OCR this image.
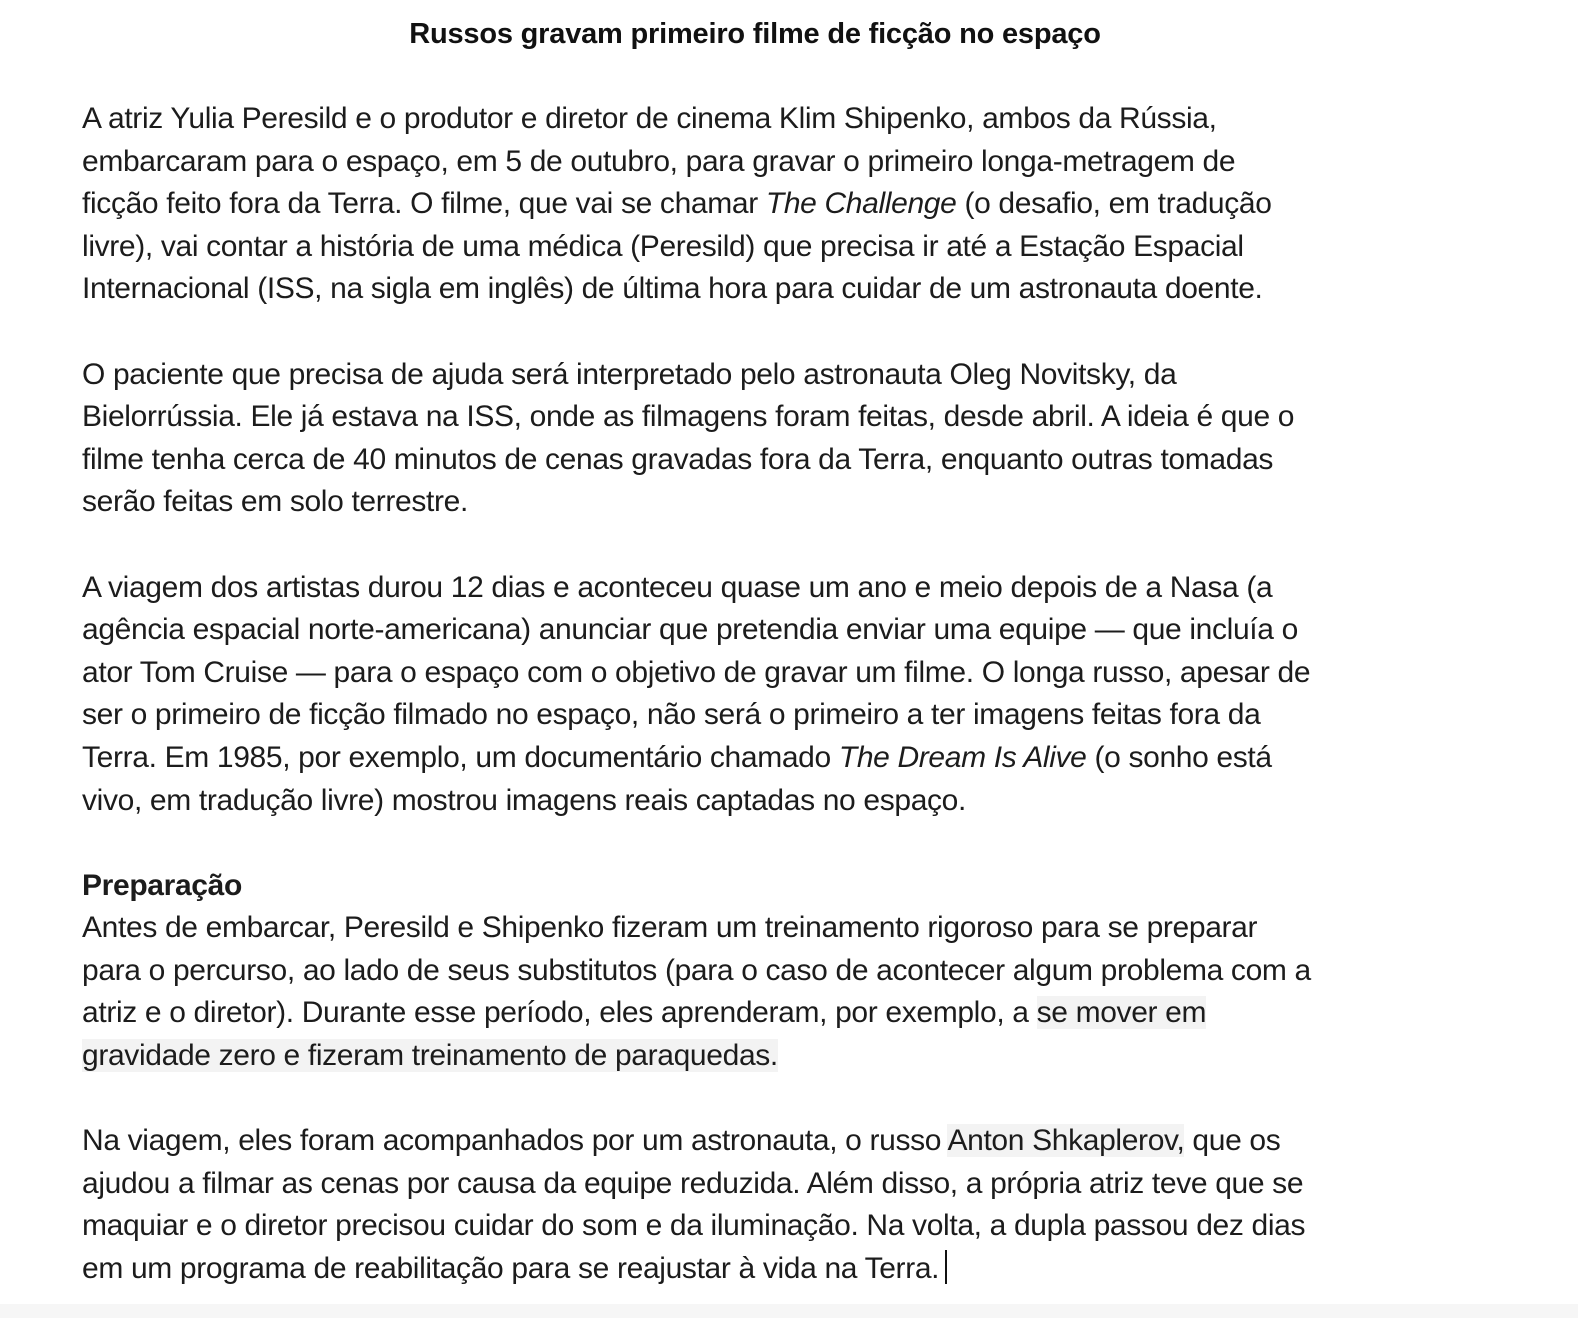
Russos gravam primeiro filme de ficção no espaço
A atriz Yulia Peresild e o produtor e diretor de cinema Klim Shipenko, ambos da Rússia,
embarcaram para o espaço, em 5 de outubro, para gravar o primeiro longa-metragem de
ficção feito fora da Terra. O filme, que vai se chamar The Challenge (o desafio, em tradução
livre), vai contar a história de uma médica (Peresild) que precisa ir até a Estação Espacial
Internacional (ISS, na sigla em inglês) de última hora para cuidar de um astronauta doente.
O paciente que precisa de ajuda será interpretado pelo astronauta Oleg Novitsky, da
Bielorrússia. Ele já estava na ISS, onde as filmagens foram feitas, desde abril. A ideia é que o
filme tenha cerca de 40 minutos de cenas gravadas fora da Terra, enquanto outras tomadas
serão feitas em solo terrestre.
A viagem dos artistas durou 12 dias e aconteceu quase um ano e meio depois de a Nasa (a
agência espacial norte-americana) anunciar que pretendia enviar uma equipe — que incluía o
ator Tom Cruise — para o espaço com o objetivo de gravar um filme. O longa russo, apesar de
ser o primeiro de ficção filmado no espaço, não será o primeiro a ter imagens feitas fora da
Terra. Em 1985, por exemplo, um documentário chamado The Dream Is Alive (o sonho está
vivo, em tradução livre) mostrou imagens reais captadas no espaço.
Preparação
Antes de embarcar, Peresild e Shipenko fizeram um treinamento rigoroso para se preparar
para o percurso, ao lado de seus substitutos (para o caso de acontecer algum problema com a
atriz e o diretor). Durante esse período, eles aprenderam, por exemplo, a se mover em
gravidade zero e fizeram treinamento de paraquedas.
Na viagem, eles foram acompanhados por um astronauta, o russo Anton Shkaplerov, que os
ajudou a filmar as cenas por causa da equipe reduzida. Além disso, a própria atriz teve que se
maquiar e o diretor precisou cuidar do som e da iluminação. Na volta, a dupla passou dez dias
em um programa de reabilitação para se reajustar à vida na Terra.
